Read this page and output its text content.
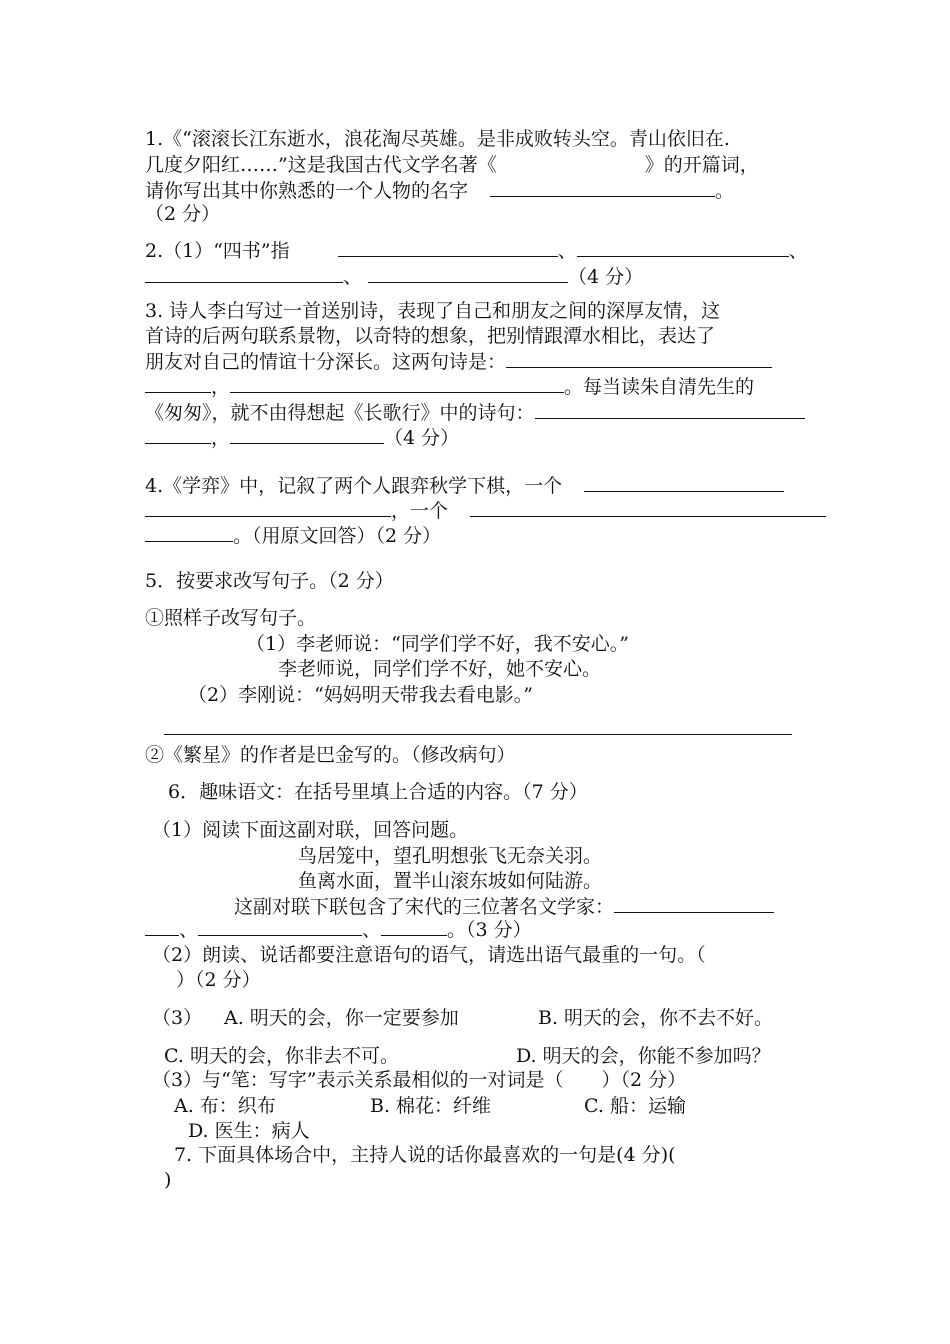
1.《“滚滚长江东逝水，浪花淘尽英雄。是非成败转头空。青山依旧在.
几度夕阳红……”这是我国古代文学名著《	》的开篇词，
请你写出其中你熟悉的一个人物的名字	。
（2 分）
2.（1）“四书”指	、	、
、	（4 分）
3. 诗人李白写过一首送别诗，表现了自己和朋友之间的深厚友情，这
首诗的后两句联系景物，以奇特的想象，把别情跟潭水相比，表达了
朋友对自己的情谊十分深长。这两句诗是：
，	。每当读朱自清先生的
《匆匆》，就不由得想起《长歌行》中的诗句：
，	（4 分）
4.《学弈》中，记叙了两个人跟弈秋学下棋，一个
，一个
。（用原文回答）（2 分）
5．按要求改写句子。（2 分）
①照样子改写句子。
（1）李老师说：“同学们学不好，我不安心。”
李老师说，同学们学不好，她不安心。
（2）李刚说：“妈妈明天带我去看电影。”
②《繁星》的作者是巴金写的。（修改病句）
6．趣味语文：在括号里填上合适的内容。（7 分）
（1）阅读下面这副对联，回答问题。
鸟居笼中，望孔明想张飞无奈关羽。
鱼离水面，置半山滚东坡如何陆游。
这副对联下联包含了宋代的三位著名文学家：
、	、	。（3 分）
（2）朗读、说话都要注意语句的语气，请选出语气最重的一句。（
）（2 分）
（3） A. 明天的会，你一定要参加	B. 明天的会，你不去不好。
C. 明天的会，你非去不可。	D. 明天的会，你能不参加吗？
（3）与“笔：写字”表示关系最相似的一对词是（　　）（2 分）
A. 布：织布	B. 棉花：纤维	C. 船：运输
D. 医生：病人
7. 下面具体场合中，主持人说的话你最喜欢的一句是(4 分)(
)
